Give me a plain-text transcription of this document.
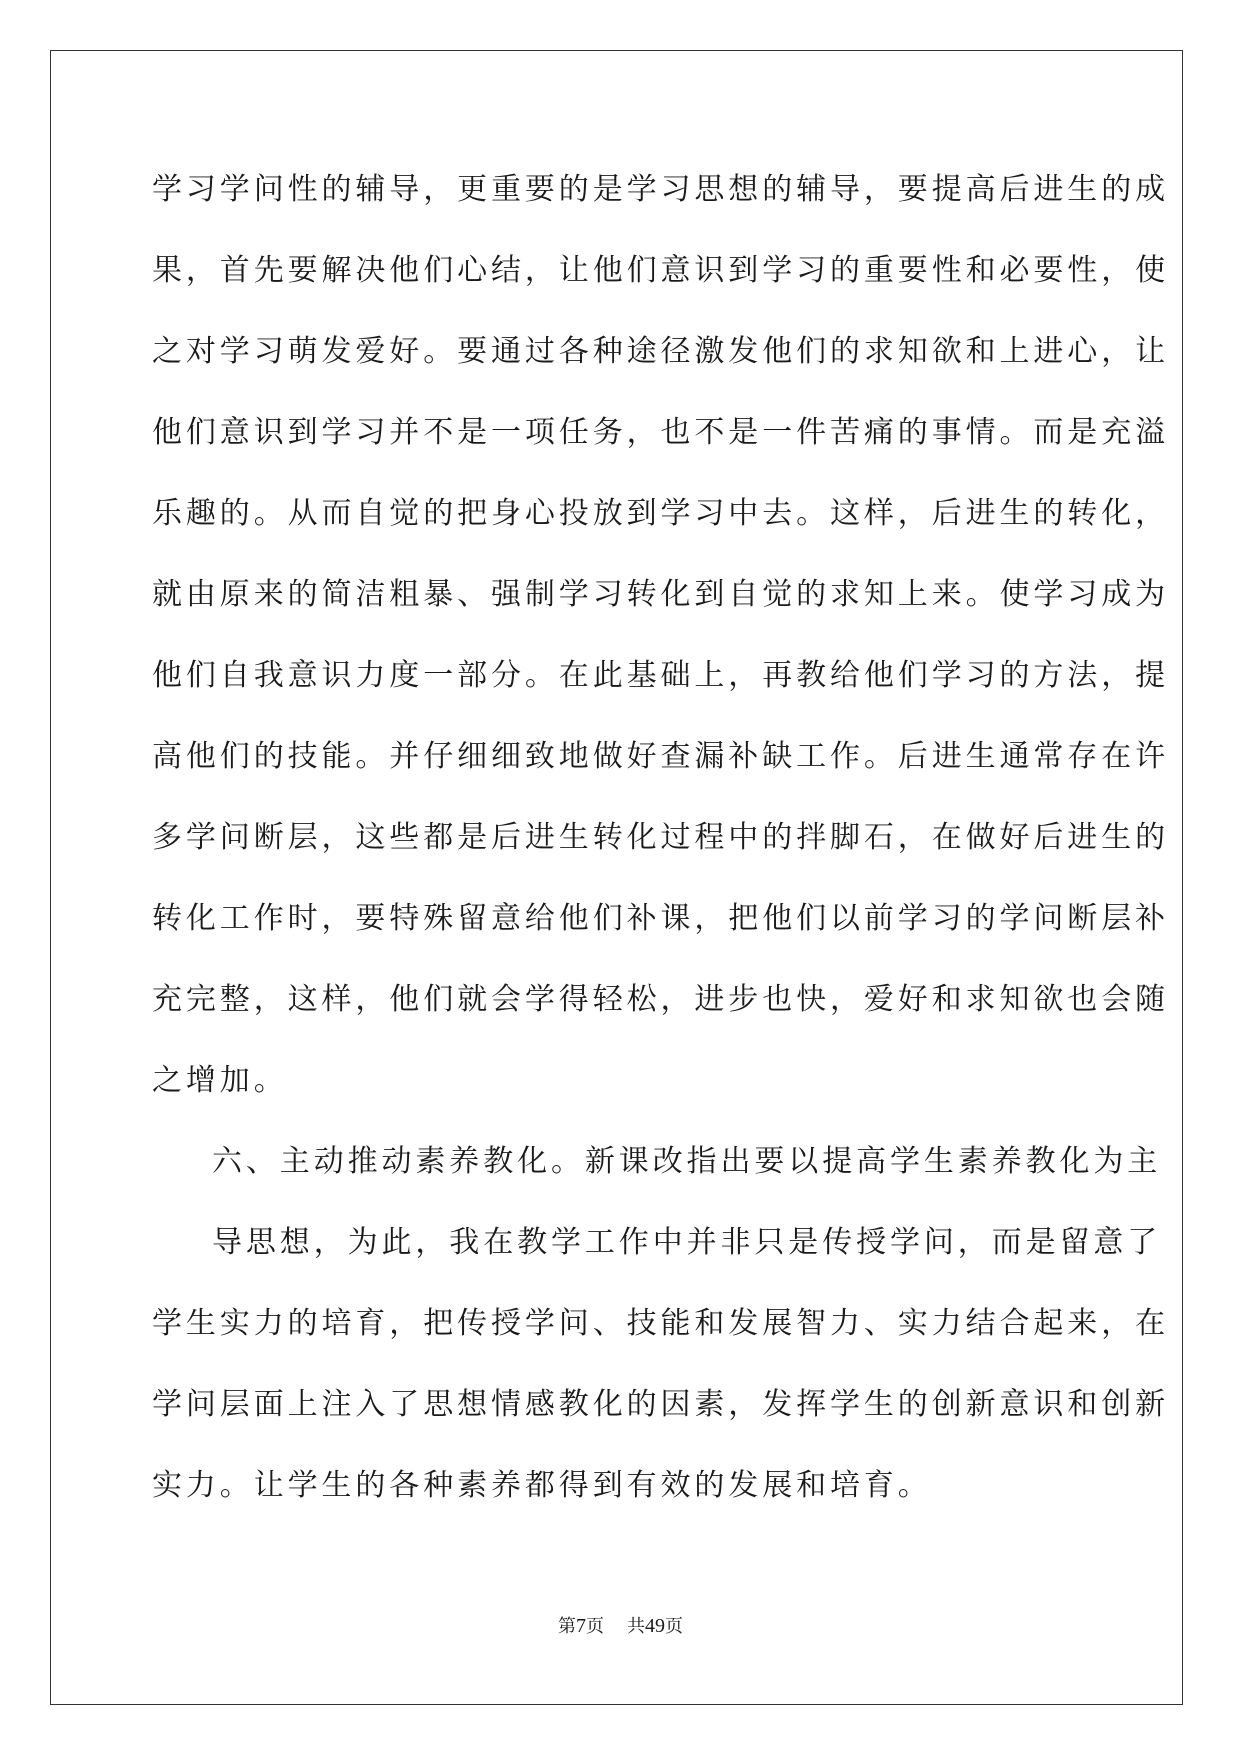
学习学问性的辅导，更重要的是学习思想的辅导，要提高后进生的成
果，首先要解决他们心结，让他们意识到学习的重要性和必要性，使
之对学习萌发爱好。要通过各种途径激发他们的求知欲和上进心，让
他们意识到学习并不是一项任务，也不是一件苦痛的事情。而是充溢
乐趣的。从而自觉的把身心投放到学习中去。这样，后进生的转化，
就由原来的简洁粗暴、强制学习转化到自觉的求知上来。使学习成为
他们自我意识力度一部分。在此基础上，再教给他们学习的方法，提
高他们的技能。并仔细细致地做好查漏补缺工作。后进生通常存在许
多学问断层，这些都是后进生转化过程中的拌脚石，在做好后进生的
转化工作时，要特殊留意给他们补课，把他们以前学习的学问断层补
充完整，这样，他们就会学得轻松，进步也快，爱好和求知欲也会随
之增加。
六、主动推动素养教化。新课改指出要以提高学生素养教化为主
导思想，为此，我在教学工作中并非只是传授学问，而是留意了
学生实力的培育，把传授学问、技能和发展智力、实力结合起来，在
学问层面上注入了思想情感教化的因素，发挥学生的创新意识和创新
实力。让学生的各种素养都得到有效的发展和培育。
第7页 共49页
